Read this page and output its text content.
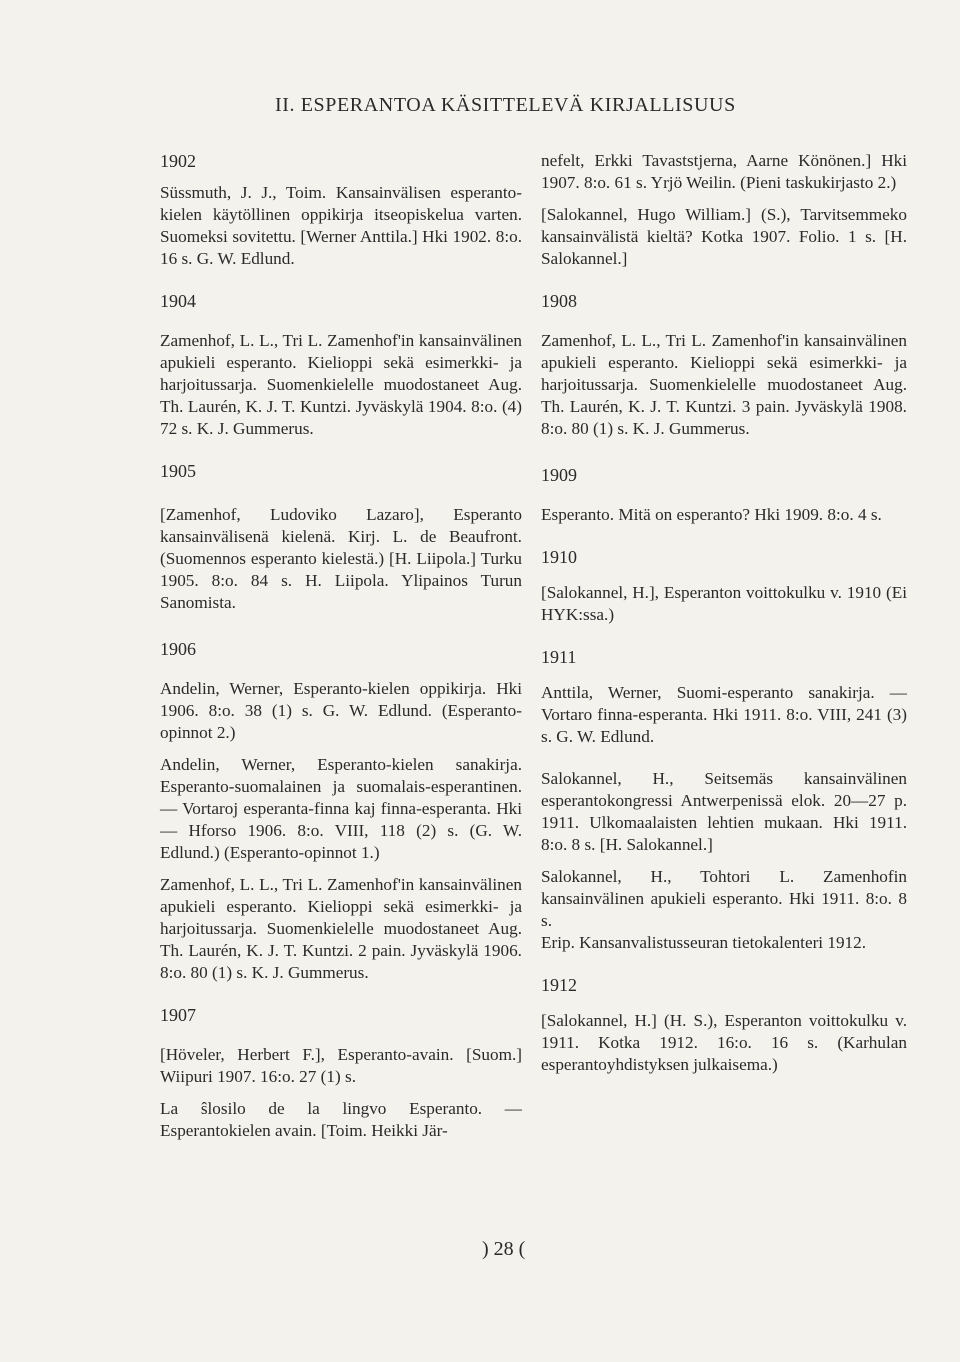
II. ESPERANTOA KÄSITTELEVÄ KIRJALLISUUS
1902

Süssmuth, J. J., Toim. Kansainvälisen esperanto-kielen käytöllinen oppikirja itseopiskelua varten. Suomeksi sovitettu. [Werner Anttila.] Hki 1902. 8:o. 16 s. G. W. Edlund.

1904

Zamenhof, L. L., Tri L. Zamenhof'in kansainvälinen apukieli esperanto. Kielioppi sekä esimerkki- ja harjoitussarja. Suomenkielelle muodostaneet Aug. Th. Laurén, K. J. T. Kuntzi. Jyväskylä 1904. 8:o. (4) 72 s. K. J. Gummerus.

1905

[Zamenhof, Ludoviko Lazaro], Esperanto kansainvälisenä kielenä. Kirj. L. de Beaufront. (Suomennos esperanto kielestä.) [H. Liipola.] Turku 1905. 8:o. 84 s. H. Liipola. Ylipainos Turun Sanomista.

1906

Andelin, Werner, Esperanto-kielen oppikirja. Hki 1906. 8:o. 38 (1) s. G. W. Edlund. (Esperanto-opinnot 2.)

Andelin, Werner, Esperanto-kielen sanakirja. Esperanto-suomalainen ja suomalais-esperantinen. — Vortaroj esperanta-finna kaj finna-esperanta. Hki — Hforso 1906. 8:o. VIII, 118 (2) s. (G. W. Edlund.) (Esperanto-opinnot 1.)

Zamenhof, L. L., Tri L. Zamenhof'in kansainvälinen apukieli esperanto. Kielioppi sekä esimerkki- ja harjoitussarja. Suomenkielelle muodostaneet Aug. Th. Laurén, K. J. T. Kuntzi. 2 pain. Jyväskylä 1906. 8:o. 80 (1) s. K. J. Gummerus.

1907

[Höveler, Herbert F.], Esperanto-avain. [Suom.] Wiipuri 1907. 16:o. 27 (1) s.

La ŝlosilo de la lingvo Esperanto. — Esperantokielen avain. [Toim. Heikki Jär-

nefelt, Erkki Tavaststjerna, Aarne Könönen.] Hki 1907. 8:o. 61 s. Yrjö Weilin. (Pieni taskukirjasto 2.)

[Salokannel, Hugo William.] (S.), Tarvitsemmeko kansainvälistä kieltä? Kotka 1907. Folio. 1 s. [H. Salokannel.]

1908

Zamenhof, L. L., Tri L. Zamenhof'in kansainvälinen apukieli esperanto. Kielioppi sekä esimerkki- ja harjoitussarja. Suomenkielelle muodostaneet Aug. Th. Laurén, K. J. T. Kuntzi. 3 pain. Jyväskylä 1908. 8:o. 80 (1) s. K. J. Gummerus.

1909

Esperanto. Mitä on esperanto? Hki 1909. 8:o. 4 s.

1910

[Salokannel, H.], Esperanton voittokulku v. 1910 (Ei HYK:ssa.)

1911

Anttila, Werner, Suomi-esperanto sanakirja. — Vortaro finna-esperanta. Hki 1911. 8:o. VIII, 241 (3) s. G. W. Edlund.

Salokannel, H., Seitsemäs kansainvälinen esperantokongressi Antwerpenissä elok. 20—27 p. 1911. Ulkomaalaisten lehtien mukaan. Hki 1911. 8:o. 8 s. [H. Salokannel.]

Salokannel, H., Tohtori L. Zamenhofin kansainvälinen apukieli esperanto. Hki 1911. 8:o. 8 s.

Erip. Kansanvalistusseuran tietokalenteri 1912.

1912

[Salokannel, H.] (H. S.), Esperanton voittokulku v. 1911. Kotka 1912. 16:o. 16 s. (Karhulan esperantoyhdistyksen julkaisema.)

) 28 (
